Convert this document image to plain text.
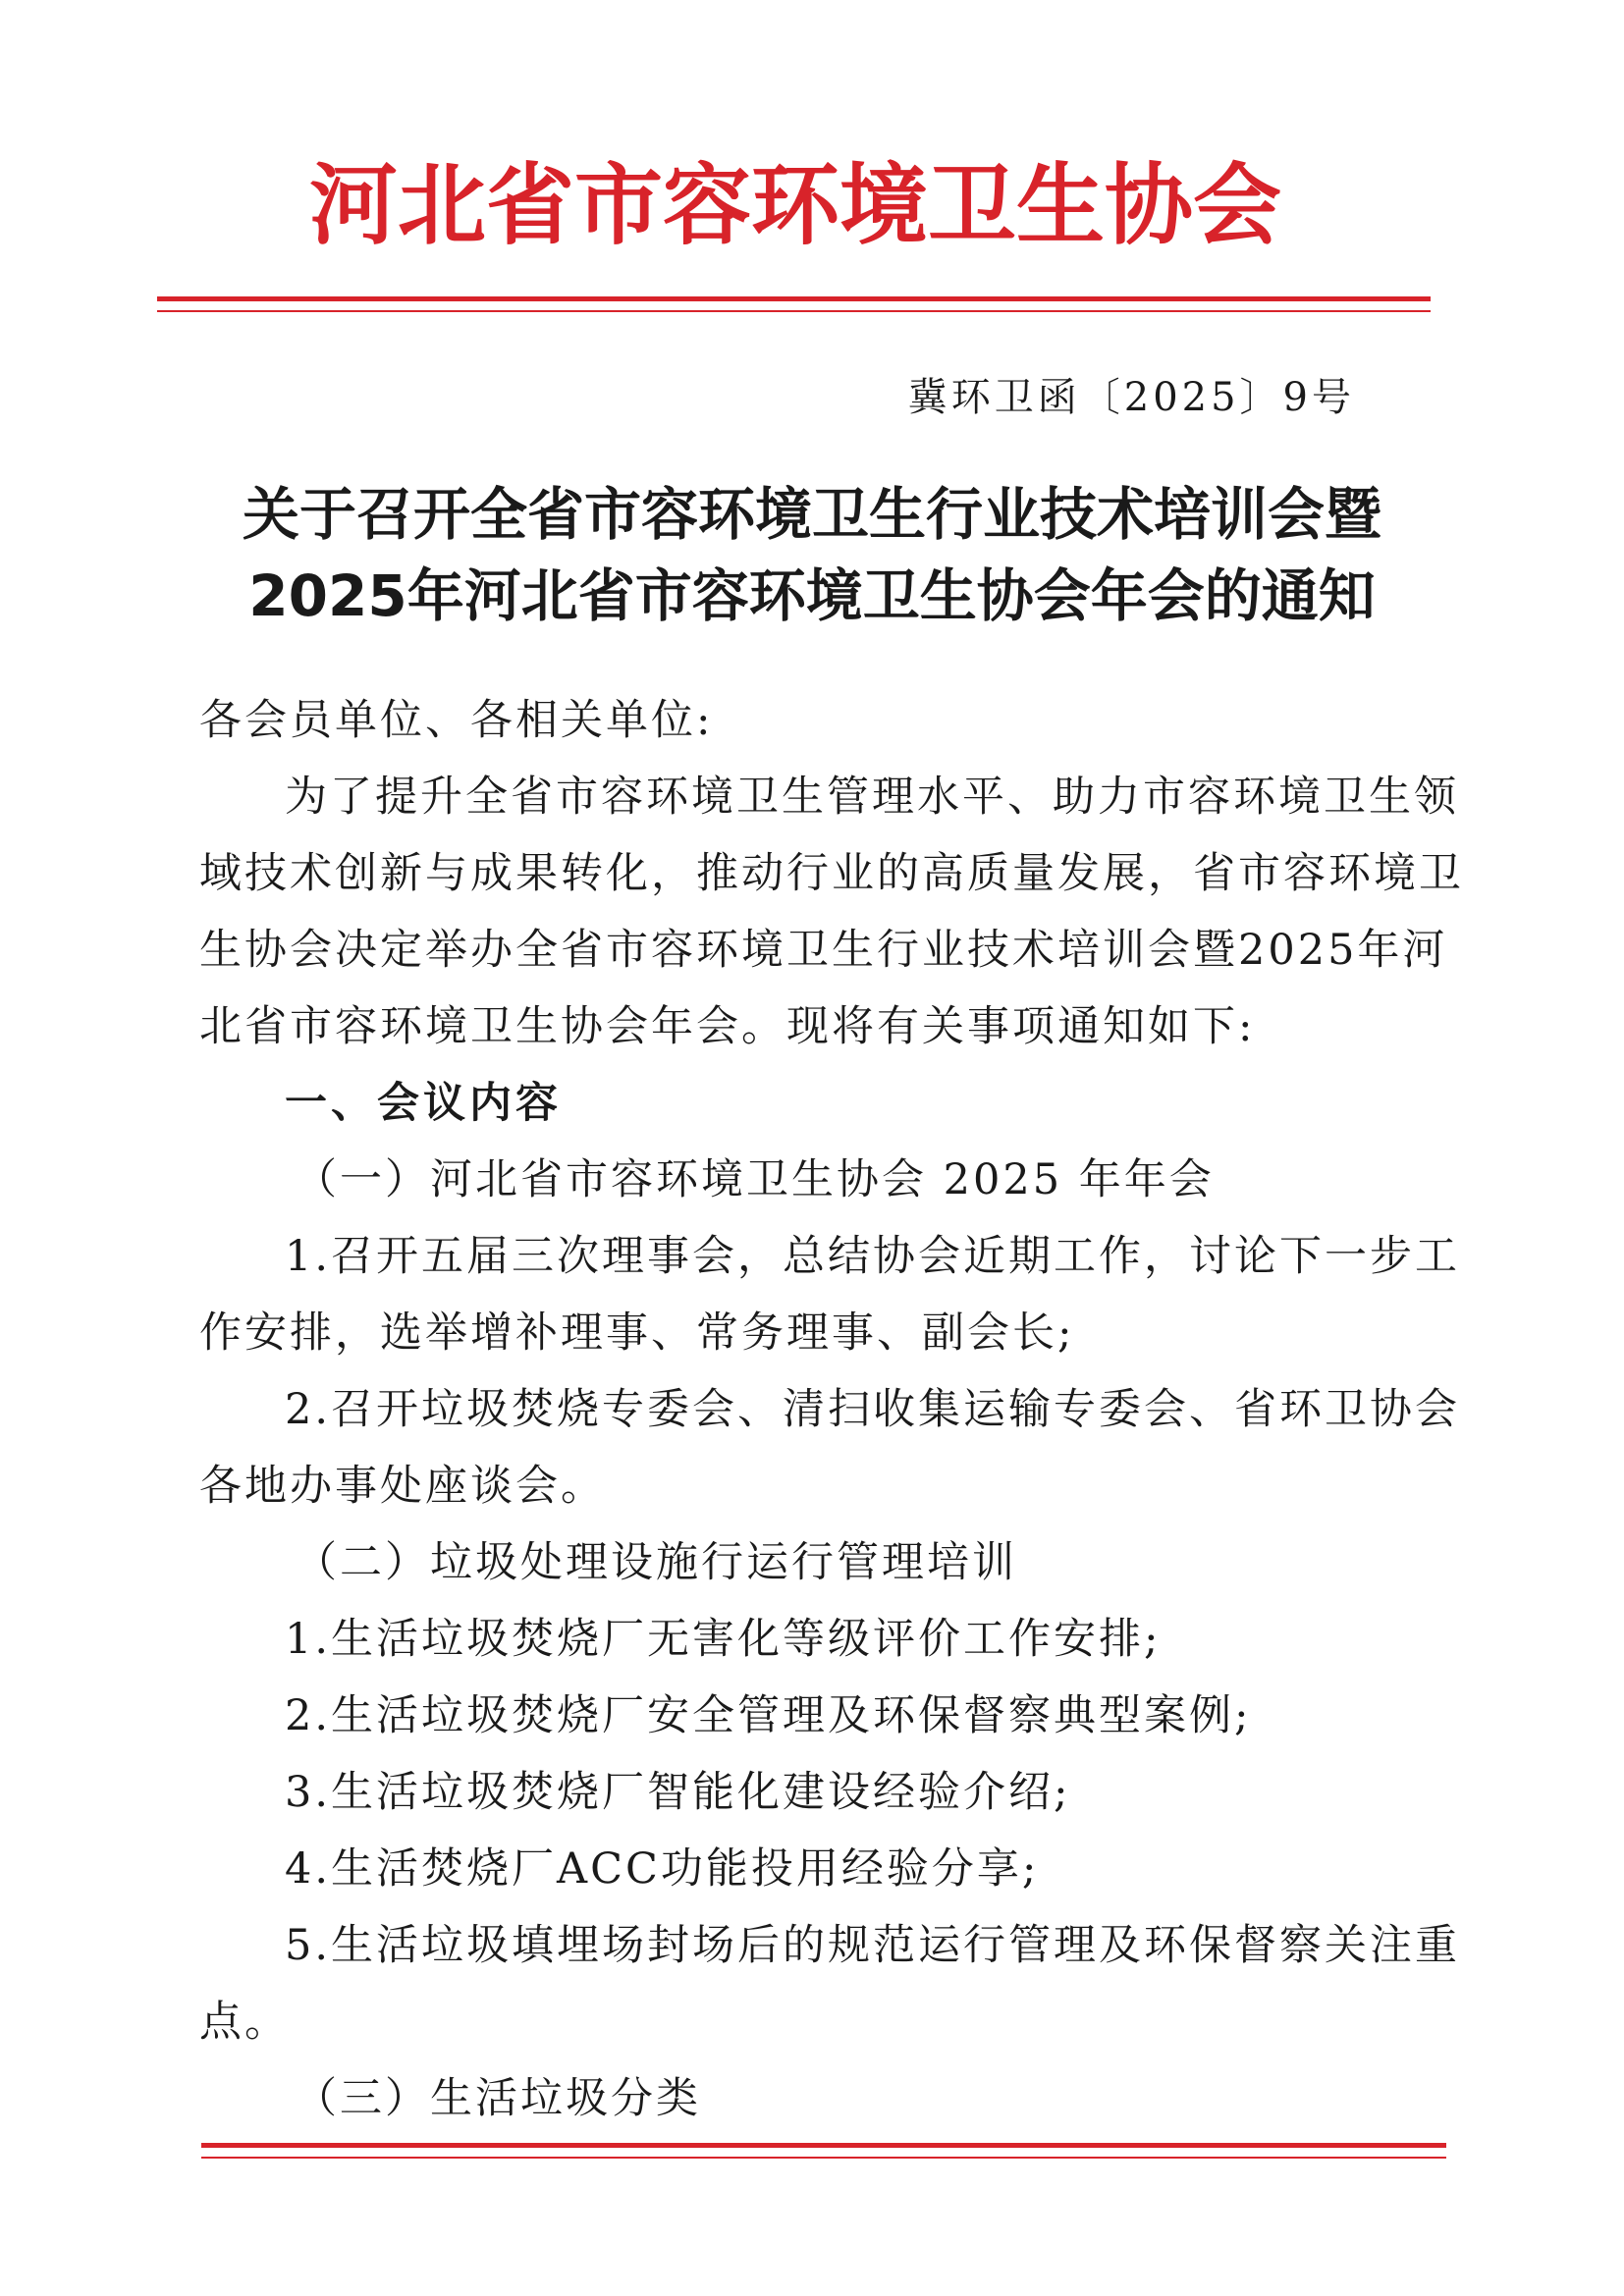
河北省市容环境卫生协会
冀环卫函〔2025〕9号
关于召开全省市容环境卫生行业技术培训会暨
2025年河北省市容环境卫生协会年会的通知
各会员单位、各相关单位:
为了提升全省市容环境卫生管理水平、助力市容环境卫生领
域技术创新与成果转化，推动行业的高质量发展，省市容环境卫
生协会决定举办全省市容环境卫生行业技术培训会暨2025年河
北省市容环境卫生协会年会。现将有关事项通知如下:
一、会议内容
（一）河北省市容环境卫生协会 2025 年年会
1.召开五届三次理事会，总结协会近期工作，讨论下一步工
作安排，选举增补理事、常务理事、副会长;
2.召开垃圾焚烧专委会、清扫收集运输专委会、省环卫协会
各地办事处座谈会。
（二）垃圾处理设施行运行管理培训
1.生活垃圾焚烧厂无害化等级评价工作安排;
2.生活垃圾焚烧厂安全管理及环保督察典型案例;
3.生活垃圾焚烧厂智能化建设经验介绍;
4.生活焚烧厂ACC功能投用经验分享;
5.生活垃圾填埋场封场后的规范运行管理及环保督察关注重
点。
（三）生活垃圾分类
